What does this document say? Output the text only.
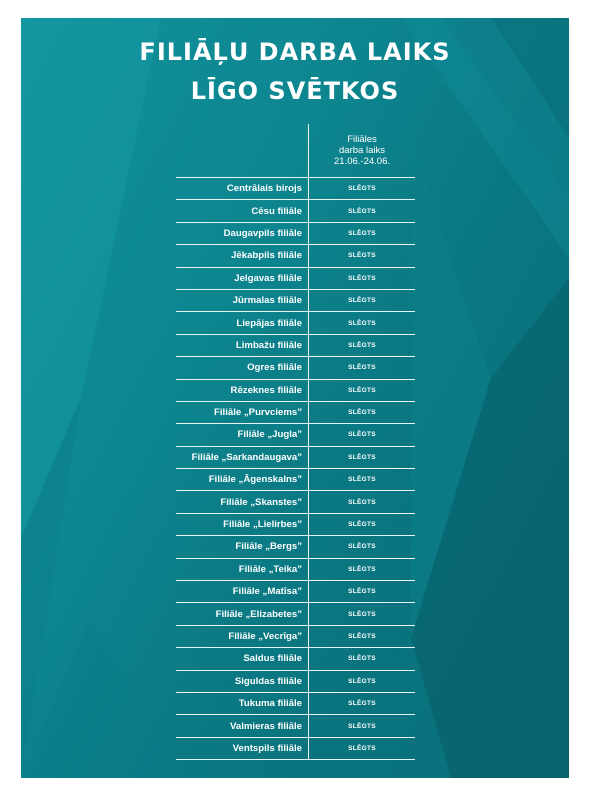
FILIĀĻU DARBA LAIKS
LĪGO SVĒTKOS

	Filiāles
darba laiks
21.06.-24.06.

Centrālais birojs	SLĒGTS
Cēsu filiāle	SLĒGTS
Daugavpils filiāle	SLĒGTS
Jēkabpils filiāle	SLĒGTS
Jelgavas filiāle	SLĒGTS
Jūrmalas filiāle	SLĒGTS
Liepājas filiāle	SLĒGTS
Limbažu filiāle	SLĒGTS
Ogres filiāle	SLĒGTS
Rēzeknes filiāle	SLĒGTS
Filiāle „Purvciems”	SLĒGTS
Filiāle „Jugla”	SLĒGTS
Filiāle „Sarkandaugava”	SLĒGTS
Filiāle „Āgenskalns”	SLĒGTS
Filiāle „Skanstes”	SLĒGTS
Filiāle „Lielirbes”	SLĒGTS
Filiāle „Bergs”	SLĒGTS
Filiāle „Teika”	SLĒGTS
Filiāle „Matīsa”	SLĒGTS
Filiāle „Elizabetes”	SLĒGTS
Filiāle „Vecrīga”	SLĒGTS
Saldus filiāle	SLĒGTS
Siguldas filiāle	SLĒGTS
Tukuma filiāle	SLĒGTS
Valmieras filiāle	SLĒGTS
Ventspils filiāle	SLĒGTS
